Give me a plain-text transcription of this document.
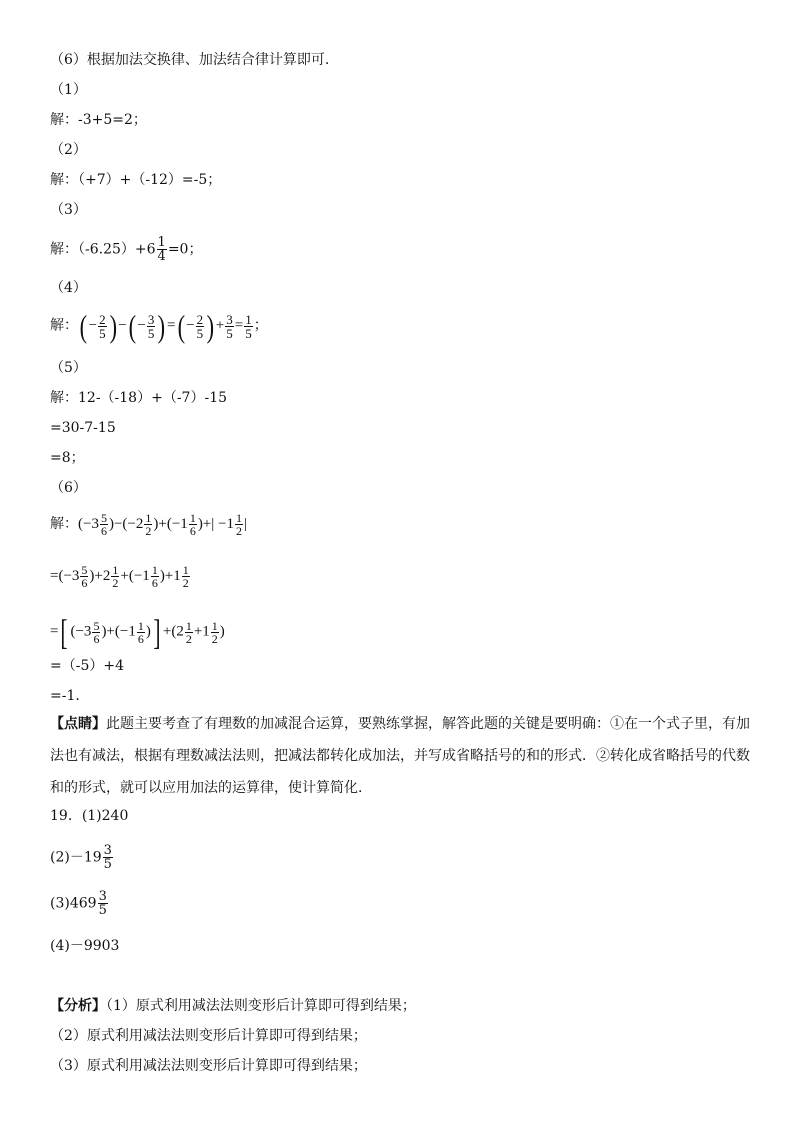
（6）根据加法交换律、加法结合律计算即可.
（1）
解：-3+5=2；
（2）
解：（+7）+（-12）=-5；
（3）
解：$(-6.25)+6 \frac{1}{4} =0$；
（4）
解：( − $\frac{2}{5}$ ) −( − $\frac{3}{5}$ ) =( − $\frac{2}{5}$ ) + $\frac{3}{5} = \frac{1}{5}$ ；
（5）
解：12-（-18）+（-7）-15
=30-7-15
=8；
（6）
解：$(-3 \frac{5}{6} )-(-2 \frac{1}{2} )+(-1 \frac{1}{6}$ )+| $-1 \frac{1}{2}$ |
$=(-3 \frac{5}{6} )+2 \frac{1}{2} +(-1 \frac{1}{6} )+1 \frac{1}{2}$
=[ $(-3 \frac{5}{6} )+(-1 \frac{1}{6}$ )] $+(2 \frac{1}{2} +1 \frac{1}{2}$ )
=（-5）+4
=-1.
【点睛】此题主要考查了有理数的加减混合运算，要熟练掌握，解答此题的关键是要明确：①在一个式子里，有加法也有减法，根据有理数减法法则，把减法都转化成加法，并写成省略括号的和的形式．②转化成省略括号的代数和的形式，就可以应用加法的运算律，使计算简化.
19．(1)240
$(2)-19 \frac{3}{5}$
$(3)469 \frac{3}{5}$
(4)－9903
【分析】（1）原式利用减法法则变形后计算即可得到结果；
（2）原式利用减法法则变形后计算即可得到结果；
（3）原式利用减法法则变形后计算即可得到结果；
